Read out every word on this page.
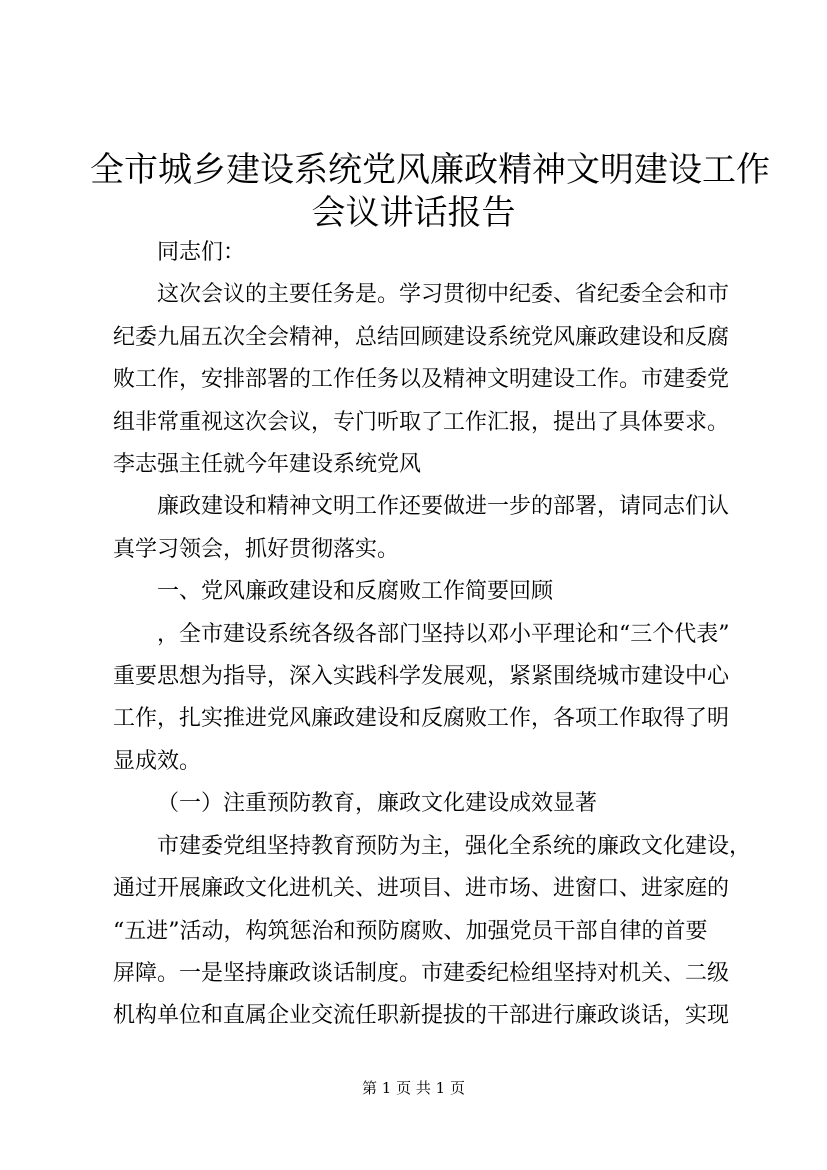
全市城乡建设系统党风廉政精神文明建设工作
会议讲话报告
同志们：
这次会议的主要任务是。学习贯彻中纪委、省纪委全会和市
纪委九届五次全会精神，总结回顾建设系统党风廉政建设和反腐
败工作，安排部署的工作任务以及精神文明建设工作。市建委党
组非常重视这次会议，专门听取了工作汇报，提出了具体要求。
李志强主任就今年建设系统党风
廉政建设和精神文明工作还要做进一步的部署，请同志们认
真学习领会，抓好贯彻落实。
一、党风廉政建设和反腐败工作简要回顾
，全市建设系统各级各部门坚持以邓小平理论和“三个代表”
重要思想为指导，深入实践科学发展观，紧紧围绕城市建设中心
工作，扎实推进党风廉政建设和反腐败工作，各项工作取得了明
显成效。
（一）注重预防教育，廉政文化建设成效显著
市建委党组坚持教育预防为主，强化全系统的廉政文化建设，
通过开展廉政文化进机关、进项目、进市场、进窗口、进家庭的
“五进”活动，构筑惩治和预防腐败、加强党员干部自律的首要
屏障。一是坚持廉政谈话制度。市建委纪检组坚持对机关、二级
机构单位和直属企业交流任职新提拔的干部进行廉政谈话，实现
第 1 页 共 1 页
